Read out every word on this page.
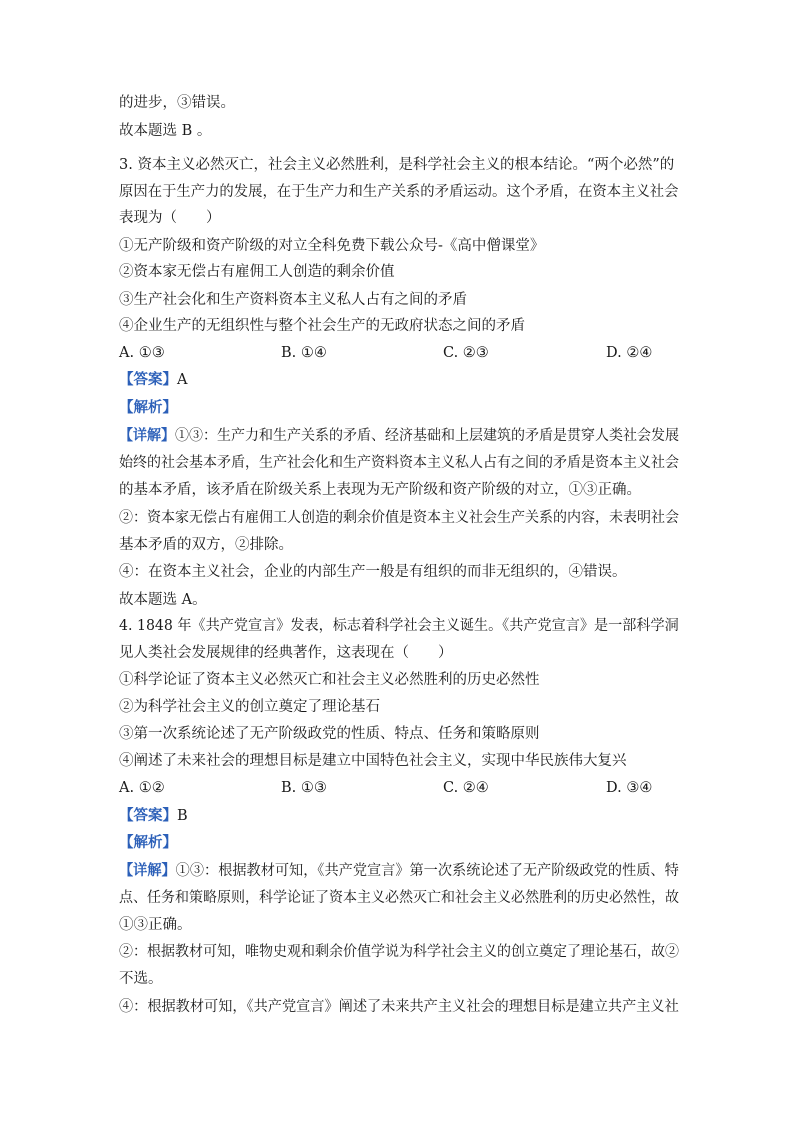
的进步，③错误。
故本题选 B 。
3. 资本主义必然灭亡，社会主义必然胜利，是科学社会主义的根本结论。“两个必然”的
原因在于生产力的发展，在于生产力和生产关系的矛盾运动。这个矛盾，在资本主义社会
表现为（　　）
①无产阶级和资产阶级的对立全科免费下载公众号-《高中僧课堂》
②资本家无偿占有雇佣工人创造的剩余价值
③生产社会化和生产资料资本主义私人占有之间的矛盾
④企业生产的无组织性与整个社会生产的无政府状态之间的矛盾
A. ①③	B. ①④	C. ②③	D. ②④
【答案】A
【解析】
【详解】①③：生产力和生产关系的矛盾、经济基础和上层建筑的矛盾是贯穿人类社会发展
始终的社会基本矛盾，生产社会化和生产资料资本主义私人占有之间的矛盾是资本主义社会
的基本矛盾，该矛盾在阶级关系上表现为无产阶级和资产阶级的对立，①③正确。
②：资本家无偿占有雇佣工人创造的剩余价值是资本主义社会生产关系的内容，未表明社会
基本矛盾的双方，②排除。
④：在资本主义社会，企业的内部生产一般是有组织的而非无组织的，④错误。
故本题选 A。
4. 1848 年《共产党宣言》发表，标志着科学社会主义诞生。《共产党宣言》是一部科学洞
见人类社会发展规律的经典著作，这表现在（　　）
①科学论证了资本主义必然灭亡和社会主义必然胜利的历史必然性
②为科学社会主义的创立奠定了理论基石
③第一次系统论述了无产阶级政党的性质、特点、任务和策略原则
④阐述了未来社会的理想目标是建立中国特色社会主义，实现中华民族伟大复兴
A. ①②	B. ①③	C. ②④	D. ③④
【答案】B
【解析】
【详解】①③：根据教材可知，《共产党宣言》第一次系统论述了无产阶级政党的性质、特
点、任务和策略原则，科学论证了资本主义必然灭亡和社会主义必然胜利的历史必然性，故
①③正确。
②：根据教材可知，唯物史观和剩余价值学说为科学社会主义的创立奠定了理论基石，故②
不选。
④：根据教材可知，《共产党宣言》阐述了未来共产主义社会的理想目标是建立共产主义社
